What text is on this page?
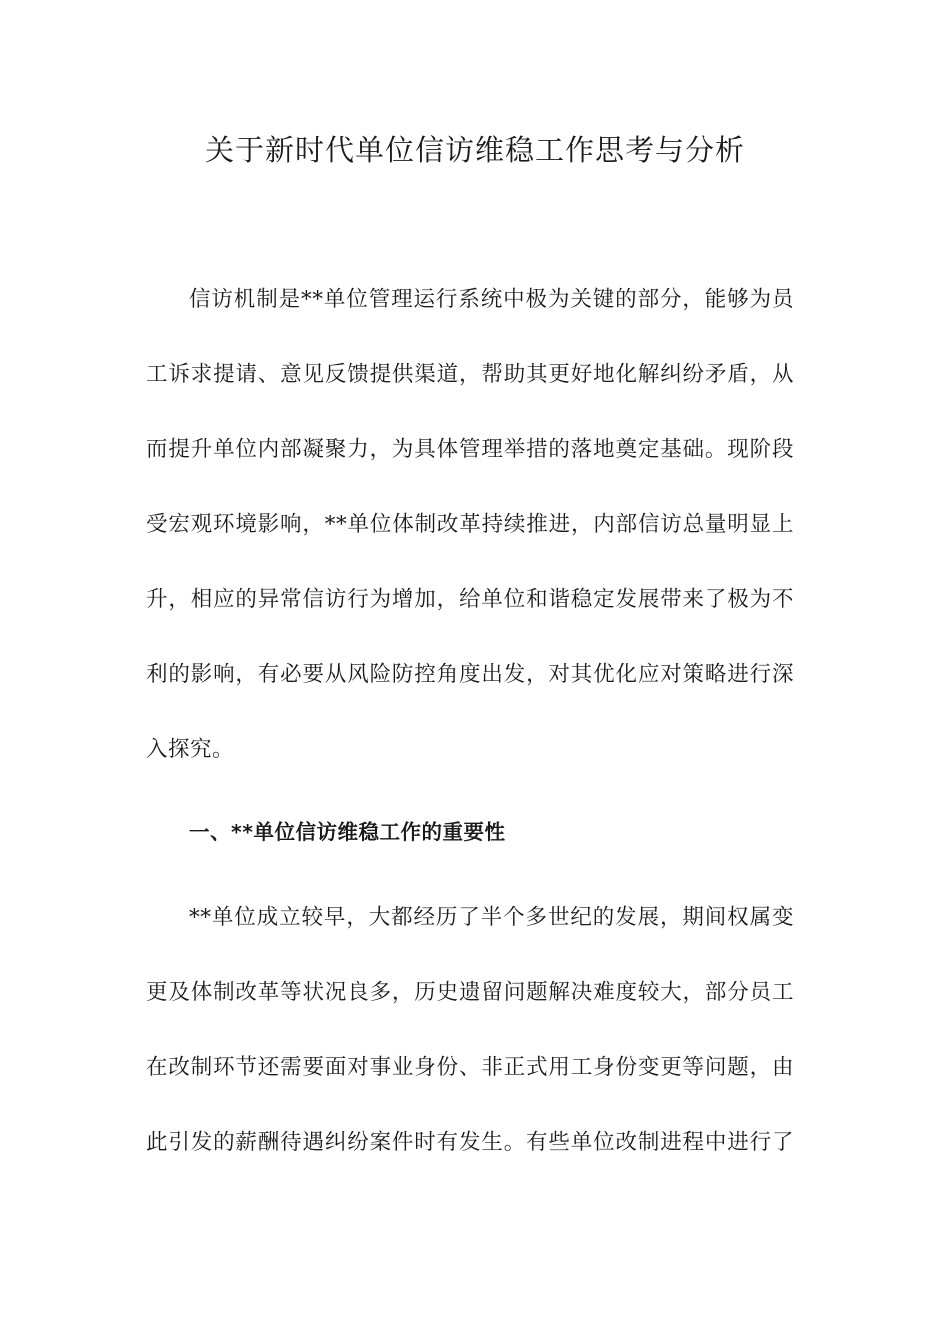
关于新时代单位信访维稳工作思考与分析
信访机制是**单位管理运行系统中极为关键的部分，能够为员
工诉求提请、意见反馈提供渠道，帮助其更好地化解纠纷矛盾，从
而提升单位内部凝聚力，为具体管理举措的落地奠定基础。现阶段
受宏观环境影响，**单位体制改革持续推进，内部信访总量明显上
升，相应的异常信访行为增加，给单位和谐稳定发展带来了极为不
利的影响，有必要从风险防控角度出发，对其优化应对策略进行深
入探究。
一、**单位信访维稳工作的重要性
**单位成立较早，大都经历了半个多世纪的发展，期间权属变
更及体制改革等状况良多，历史遗留问题解决难度较大，部分员工
在改制环节还需要面对事业身份、非正式用工身份变更等问题，由
此引发的薪酬待遇纠纷案件时有发生。有些单位改制进程中进行了
